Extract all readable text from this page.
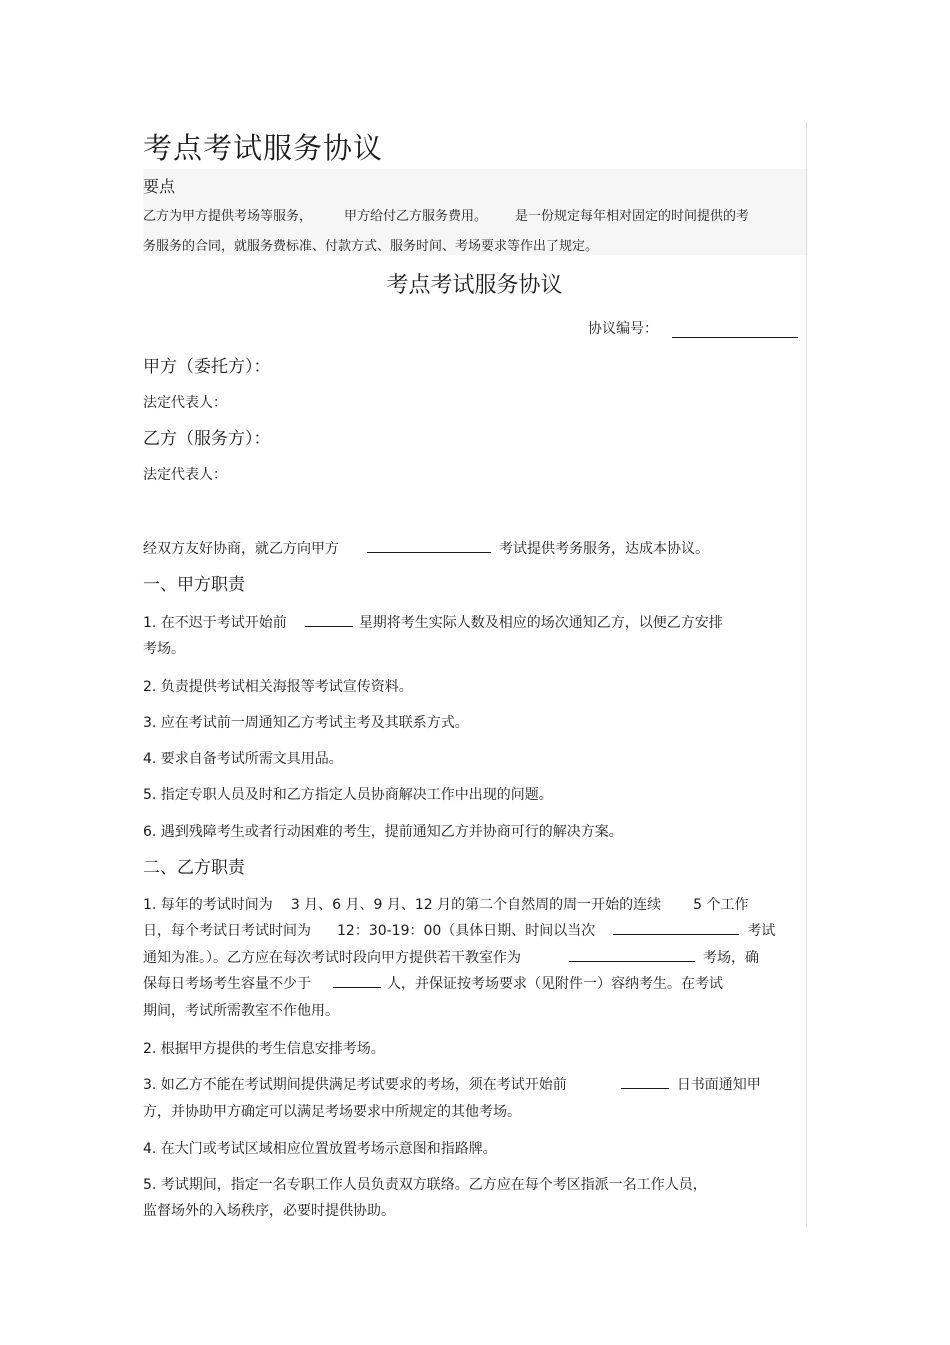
考点考试服务协议
要点
乙方为甲方提供考场等服务， 甲方给付乙方服务费用。 是一份规定每年相对固定的时间提供的考
务服务的合同，就服务费标准、付款方式、服务时间、考场要求等作出了规定。
考点考试服务协议
协议编号：
甲方（委托方）：
法定代表人：
乙方（服务方）：
法定代表人：
经双方友好协商，就乙方向甲方	考试提供考务服务，达成本协议。
一、甲方职责
1. 在不迟于考试开始前	星期将考生实际人数及相应的场次通知乙方，以便乙方安排
考场。
2. 负责提供考试相关海报等考试宣传资料。
3. 应在考试前一周通知乙方考试主考及其联系方式。
4. 要求自备考试所需文具用品。
5. 指定专职人员及时和乙方指定人员协商解决工作中出现的问题。
6. 遇到残障考生或者行动困难的考生，提前通知乙方并协商可行的解决方案。
二、乙方职责
1. 每年的考试时间为 3 月、6 月、9 月、12 月的第二个自然周的周一开始的连续 5 个工作
日，每个考试日考试时间为 12：30-19：00（具体日期、时间以当次	考试
通知为准。）。乙方应在每次考试时段向甲方提供若干教室作为	考场，确
保每日考场考生容量不少于	人，并保证按考场要求（见附件一）容纳考生。在考试
期间，考试所需教室不作他用。
2. 根据甲方提供的考生信息安排考场。
3. 如乙方不能在考试期间提供满足考试要求的考场，须在考试开始前	日书面通知甲
方，并协助甲方确定可以满足考场要求中所规定的其他考场。
4. 在大门或考试区域相应位置放置考场示意图和指路牌。
5. 考试期间，指定一名专职工作人员负责双方联络。乙方应在每个考区指派一名工作人员，
监督场外的入场秩序，必要时提供协助。
